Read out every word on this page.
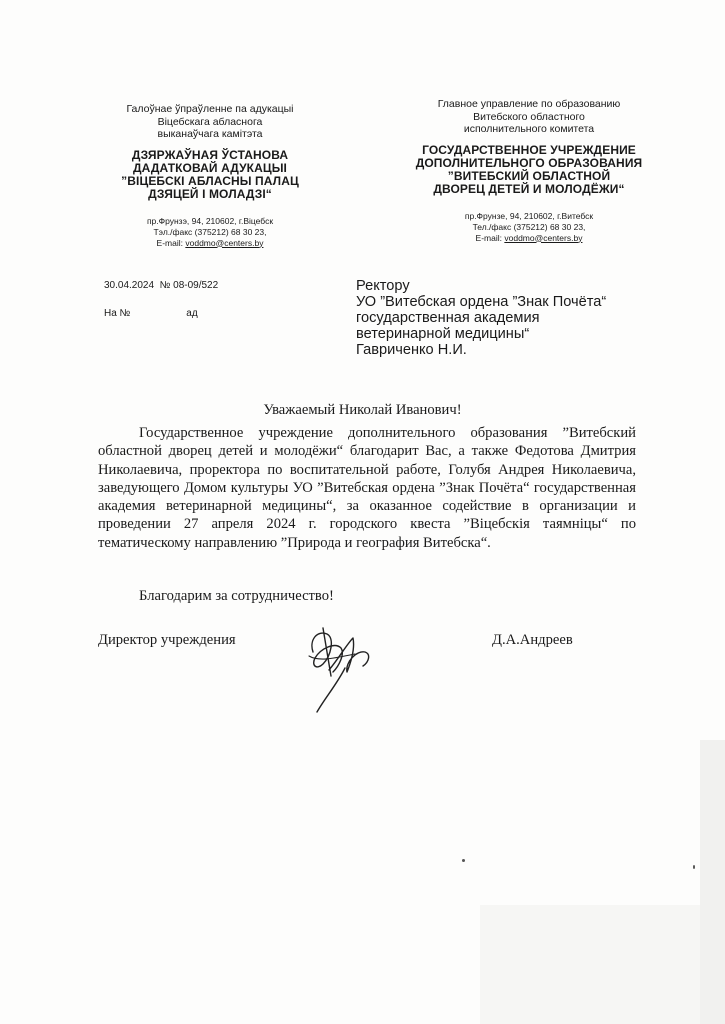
Галоўнае ўпраўленне па адукацыі
Віцебскага абласнога
выканаўчага камітэта
ДЗЯРЖАЎНАЯ ЎСТАНОВА
ДАДАТКОВАЙ АДУКАЦЫІ
”ВІЦЕБСКІ АБЛАСНЫ ПАЛАЦ
ДЗЯЦЕЙ І МОЛАДЗІ“
пр.Фрунзэ, 94, 210602, г.Віцебск
Тэл./факс (375212) 68 30 23,
E-mail: voddmo@centers.by
Главное управление по образованию
Витебского областного
исполнительного комитета
ГОСУДАРСТВЕННОЕ УЧРЕЖДЕНИЕ
ДОПОЛНИТЕЛЬНОГО ОБРАЗОВАНИЯ
”ВИТЕБСКИЙ ОБЛАСТНОЙ
ДВОРЕЦ ДЕТЕЙ И МОЛОДЁЖИ“
пр.Фрунзе, 94, 210602, г.Витебск
Тел./факс (375212) 68 30 23,
E-mail: voddmo@centers.by
30.04.2024 № 08-09/522
На №	ад
Ректору
УО ”Витебская ордена ”Знак Почёта“
государственная академия
ветеринарной медицины“
Гавриченко Н.И.
Уважаемый Николай Иванович!

Государственное учреждение дополнительного образования ”Витебский областной дворец детей и молодёжи“ благодарит Вас, а также Федотова Дмитрия Николаевича, проректора по воспитательной работе, Голубя Андрея Николаевича, заведующего Домом культуры УО ”Витебская ордена ”Знак Почёта“ государственная академия ветеринарной медицины“, за оказанное содействие в организации и проведении 27 апреля 2024 г. городского квеста ”Віцебскія таямніцы“ по тематическому направлению ”Природа и география Витебска“.

Благодарим за сотрудничество!
Директор учреждения	Д.А.Андреев
